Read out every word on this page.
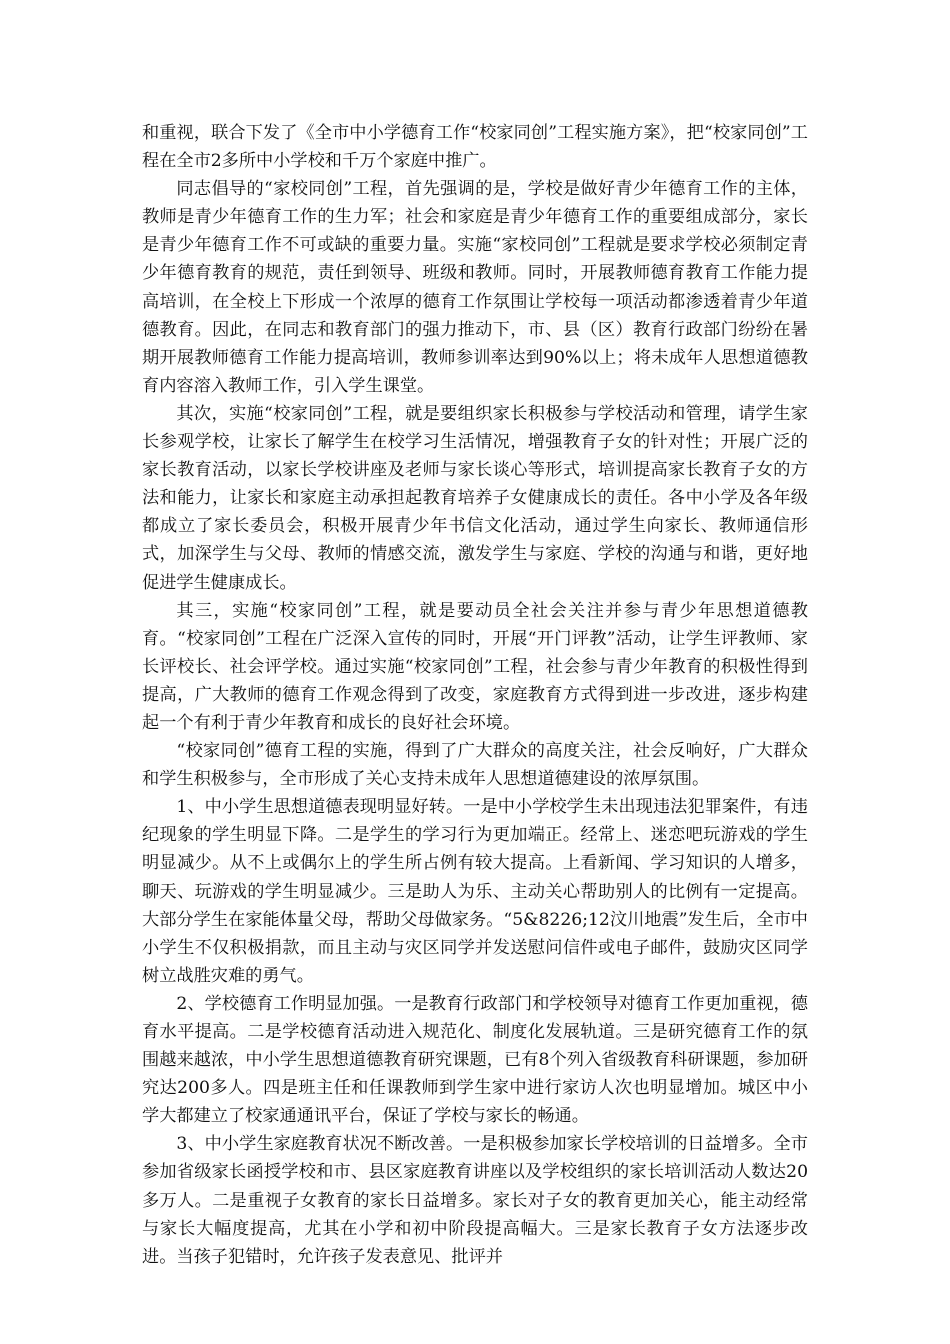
和重视，联合下发了《全市中小学德育工作“校家同创”工程实施方案》，把“校家同创”工程在全市2多所中小学校和千万个家庭中推广。

同志倡导的“家校同创”工程，首先强调的是，学校是做好青少年德育工作的主体，教师是青少年德育工作的生力军；社会和家庭是青少年德育工作的重要组成部分，家长是青少年德育工作不可或缺的重要力量。实施“家校同创”工程就是要求学校必须制定青少年德育教育的规范，责任到领导、班级和教师。同时，开展教师德育教育工作能力提高培训，在全校上下形成一个浓厚的德育工作氛围让学校每一项活动都渗透着青少年道德教育。因此，在同志和教育部门的强力推动下，市、县（区）教育行政部门纷纷在暑期开展教师德育工作能力提高培训，教师参训率达到90%以上；将未成年人思想道德教育内容溶入教师工作，引入学生课堂。

其次，实施“校家同创”工程，就是要组织家长积极参与学校活动和管理，请学生家长参观学校，让家长了解学生在校学习生活情况，增强教育子女的针对性；开展广泛的家长教育活动，以家长学校讲座及老师与家长谈心等形式，培训提高家长教育子女的方法和能力，让家长和家庭主动承担起教育培养子女健康成长的责任。各中小学及各年级都成立了家长委员会，积极开展青少年书信文化活动，通过学生向家长、教师通信形式，加深学生与父母、教师的情感交流，激发学生与家庭、学校的沟通与和谐，更好地促进学生健康成长。

其三，实施“校家同创”工程，就是要动员全社会关注并参与青少年思想道德教育。“校家同创”工程在广泛深入宣传的同时，开展“开门评教”活动，让学生评教师、家长评校长、社会评学校。通过实施“校家同创”工程，社会参与青少年教育的积极性得到提高，广大教师的德育工作观念得到了改变，家庭教育方式得到进一步改进，逐步构建起一个有利于青少年教育和成长的良好社会环境。

“校家同创”德育工程的实施，得到了广大群众的高度关注，社会反响好，广大群众和学生积极参与，全市形成了关心支持未成年人思想道德建设的浓厚氛围。

1、中小学生思想道德表现明显好转。一是中小学校学生未出现违法犯罪案件，有违纪现象的学生明显下降。二是学生的学习行为更加端正。经常上、迷恋吧玩游戏的学生明显减少。从不上或偶尔上的学生所占例有较大提高。上看新闻、学习知识的人增多，聊天、玩游戏的学生明显减少。三是助人为乐、主动关心帮助别人的比例有一定提高。大部分学生在家能体量父母，帮助父母做家务。“5&8226;12汶川地震”发生后，全市中小学生不仅积极捐款，而且主动与灾区同学并发送慰问信件或电子邮件，鼓励灾区同学树立战胜灾难的勇气。

2、学校德育工作明显加强。一是教育行政部门和学校领导对德育工作更加重视，德育水平提高。二是学校德育活动进入规范化、制度化发展轨道。三是研究德育工作的氛围越来越浓，中小学生思想道德教育研究课题，已有8个列入省级教育科研课题，参加研究达200多人。四是班主任和任课教师到学生家中进行家访人次也明显增加。城区中小学大都建立了校家通通讯平台，保证了学校与家长的畅通。

3、中小学生家庭教育状况不断改善。一是积极参加家长学校培训的日益增多。全市参加省级家长函授学校和市、县区家庭教育讲座以及学校组织的家长培训活动人数达20多万人。二是重视子女教育的家长日益增多。家长对子女的教育更加关心，能主动经常与家长大幅度提高，尤其在小学和初中阶段提高幅大。三是家长教育子女方法逐步改进。当孩子犯错时，允许孩子发表意见、批评并
